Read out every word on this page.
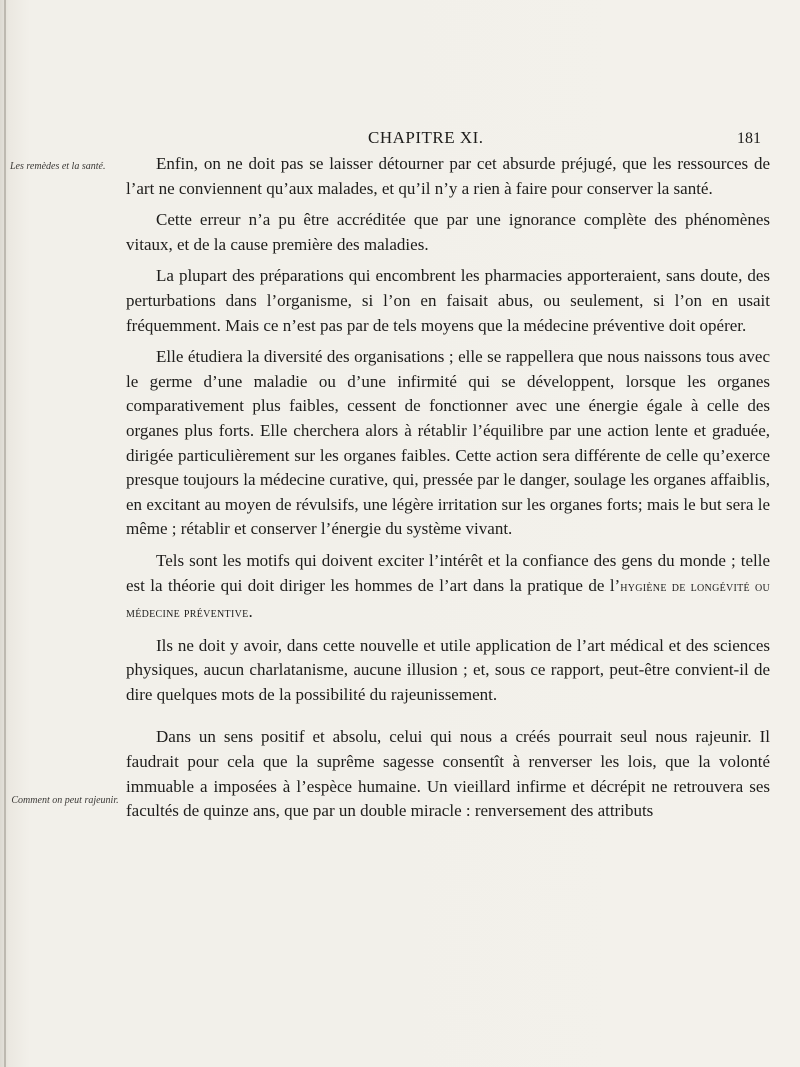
CHAPITRE XI.	181
Les remèdes et la santé.
Comment on peut rajeunir.

Enfin, on ne doit pas se laisser détourner par cet absurde préjugé, que les ressources de l’art ne conviennent qu’aux malades, et qu’il n’y a rien à faire pour conserver la santé.

Cette erreur n’a pu être accréditée que par une ignorance complète des phénomènes vitaux, et de la cause première des maladies.

La plupart des préparations qui encombrent les pharmacies apporteraient, sans doute, des perturbations dans l’organisme, si l’on en faisait abus, ou seulement, si l’on en usait fréquemment. Mais ce n’est pas par de tels moyens que la médecine préventive doit opérer.

Elle étudiera la diversité des organisations ; elle se rappellera que nous naissons tous avec le germe d’une maladie ou d’une infirmité qui se développent, lorsque les organes comparativement plus faibles, cessent de fonctionner avec une énergie égale à celle des organes plus forts. Elle cherchera alors à rétablir l’équilibre par une action lente et graduée, dirigée particulièrement sur les organes faibles. Cette action sera différente de celle qu’exerce presque toujours la médecine curative, qui, pressée par le danger, soulage les organes affaiblis, en excitant au moyen de révulsifs, une légère irritation sur les organes forts; mais le but sera le même ; rétablir et conserver l’énergie du système vivant.

Tels sont les motifs qui doivent exciter l’intérêt et la confiance des gens du monde ; telle est la théorie qui doit diriger les hommes de l’art dans la pratique de l’hygiène de longévité ou médecine préventive.

Ils ne doit y avoir, dans cette nouvelle et utile application de l’art médical et des sciences physiques, aucun charlatanisme, aucune illusion ; et, sous ce rapport, peut-être convient-il de dire quelques mots de la possibilité du rajeunissement.

Dans un sens positif et absolu, celui qui nous a créés pourrait seul nous rajeunir. Il faudrait pour cela que la suprême sagesse consentît à renverser les lois, que la volonté immuable a imposées à l’espèce humaine. Un vieillard infirme et décrépit ne retrouvera ses facultés de quinze ans, que par un double miracle : renversement des attributs
